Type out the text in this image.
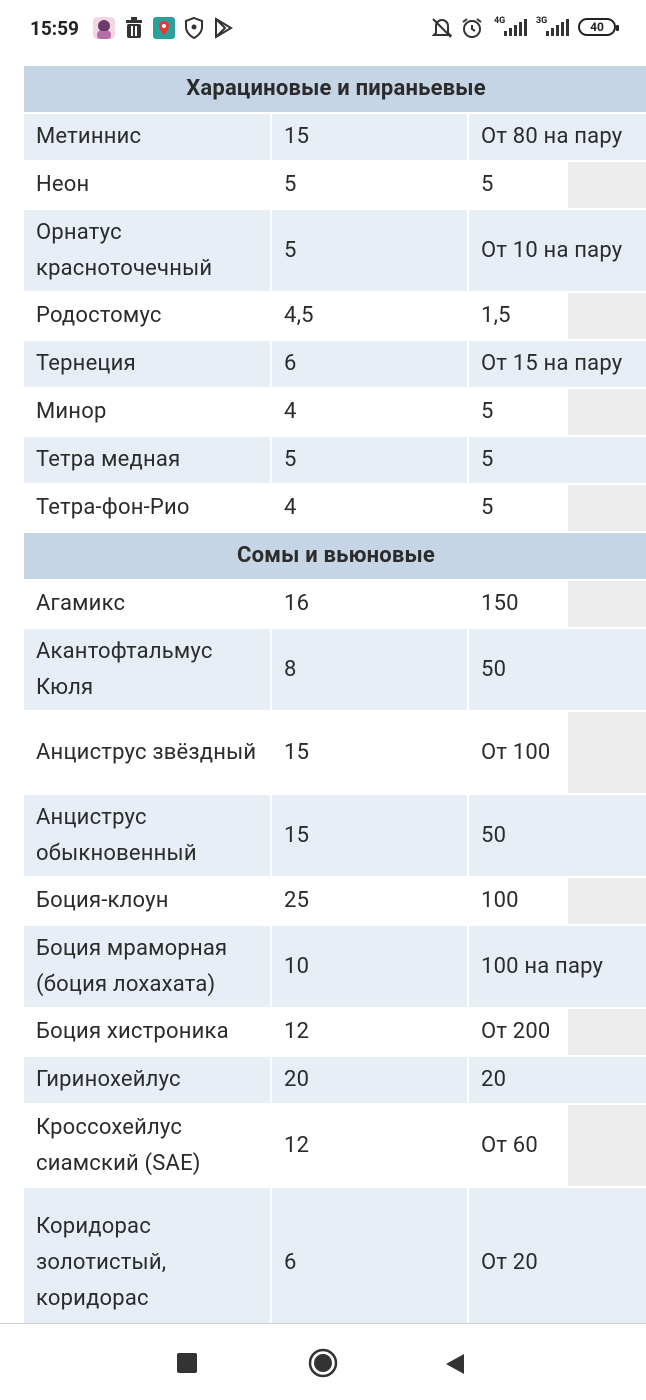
15:59	4G	3G	40
Харациновые и пираньевые			
Метиннис	15	От 80 на пару	
Неон	5	5	
Орнатус красноточечный	5	От 10 на пару	
Родостомус	4,5	1,5	
Тернеция	6	От 15 на пару	
Минор	4	5	
Тетра медная	5	5	
Тетра-фон-Рио	4	5	
Сомы и вьюновые			
Агамикс	16	150	
Акантофтальмус Кюля	8	50	
Анциструс звёздный	15	От 100	
Анциструс обыкновенный	15	50	
Боция-клоун	25	100	
Боция мраморная (боция лохахата)	10	100 на пару	
Боция хистроника	12	От 200	
Гиринохейлус	20	20	
Кроссохейлус сиамский (SAE)	12	От 60	
Коридорас золотистый, коридорас	6	От 20	
